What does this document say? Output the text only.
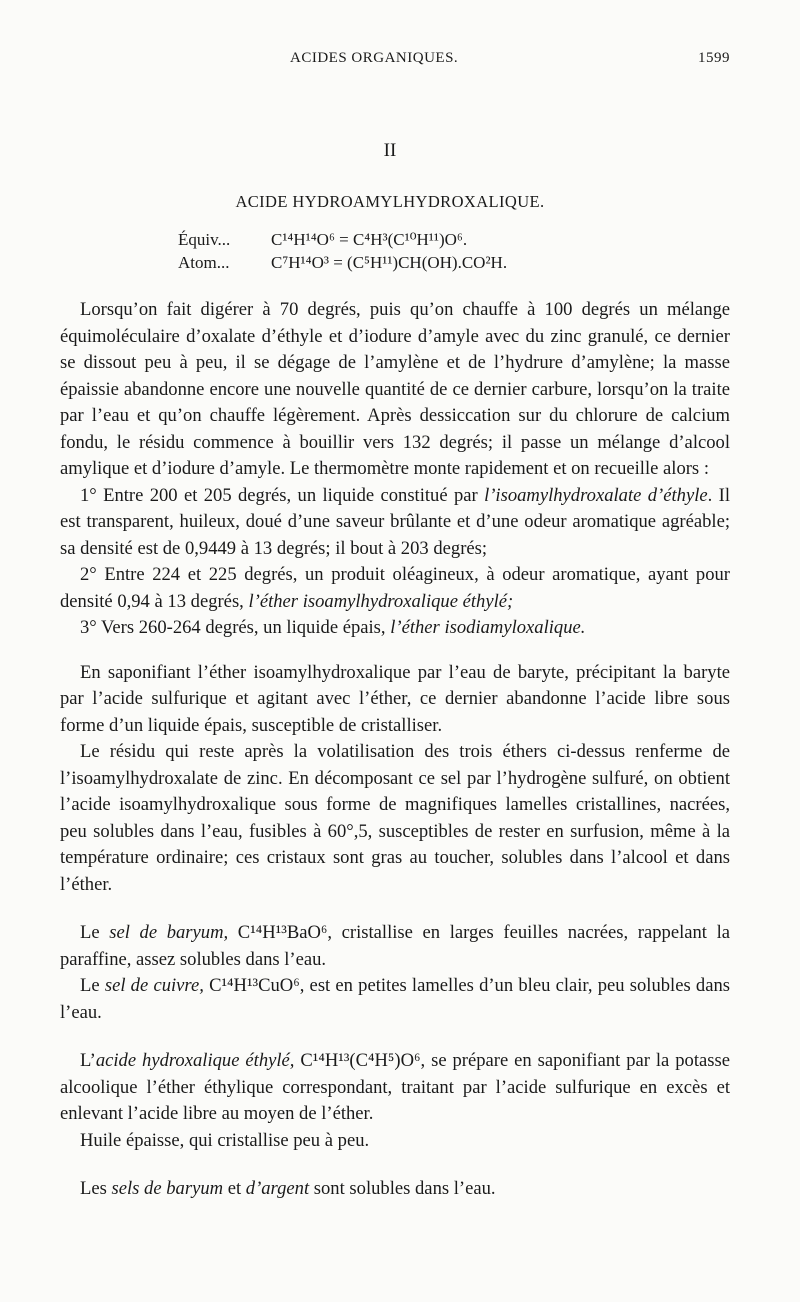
ACIDES ORGANIQUES.	1599
II
ACIDE HYDROAMYLHYDROXALIQUE.
Équiv... C¹⁴H¹⁴O⁶ = C⁴H³(C¹⁰H¹¹)O⁶.
Atom... C⁷H¹⁴O³ = (C⁵H¹¹)CH(OH).CO²H.

Lorsqu’on fait digérer à 70 degrés, puis qu’on chauffe à 100 degrés un mélange équimoléculaire d’oxalate d’éthyle et d’iodure d’amyle avec du zinc granulé, ce dernier se dissout peu à peu, il se dégage de l’amylène et de l’hydrure d’amylène; la masse épaissie abandonne encore une nouvelle quantité de ce dernier carbure, lorsqu’on la traite par l’eau et qu’on chauffe légèrement. Après dessiccation sur du chlorure de calcium fondu, le résidu commence à bouillir vers 132 degrés; il passe un mélange d’alcool amylique et d’iodure d’amyle. Le thermomètre monte rapidement et on recueille alors :

1° Entre 200 et 205 degrés, un liquide constitué par l’isoamylhydroxalate d’éthyle. Il est transparent, huileux, doué d’une saveur brûlante et d’une odeur aromatique agréable; sa densité est de 0,9449 à 13 degrés; il bout à 203 degrés;

2° Entre 224 et 225 degrés, un produit oléagineux, à odeur aromatique, ayant pour densité 0,94 à 13 degrés, l’éther isoamylhydroxalique éthylé;

3° Vers 260-264 degrés, un liquide épais, l’éther isodiamyloxalique.

En saponifiant l’éther isoamylhydroxalique par l’eau de baryte, précipitant la baryte par l’acide sulfurique et agitant avec l’éther, ce dernier abandonne l’acide libre sous forme d’un liquide épais, susceptible de cristalliser.

Le résidu qui reste après la volatilisation des trois éthers ci-dessus renferme de l’isoamylhydroxalate de zinc. En décomposant ce sel par l’hydrogène sulfuré, on obtient l’acide isoamylhydroxalique sous forme de magnifiques lamelles cristallines, nacrées, peu solubles dans l’eau, fusibles à 60°,5, susceptibles de rester en surfusion, même à la température ordinaire; ces cristaux sont gras au toucher, solubles dans l’alcool et dans l’éther.

Le sel de baryum, C¹⁴H¹³BaO⁶, cristallise en larges feuilles nacrées, rappelant la paraffine, assez solubles dans l’eau.

Le sel de cuivre, C¹⁴H¹³CuO⁶, est en petites lamelles d’un bleu clair, peu solubles dans l’eau.

L’acide hydroxalique éthylé, C¹⁴H¹³(C⁴H⁵)O⁶, se prépare en saponifiant par la potasse alcoolique l’éther éthylique correspondant, traitant par l’acide sulfurique en excès et enlevant l’acide libre au moyen de l’éther.

Huile épaisse, qui cristallise peu à peu.

Les sels de baryum et d’argent sont solubles dans l’eau.
